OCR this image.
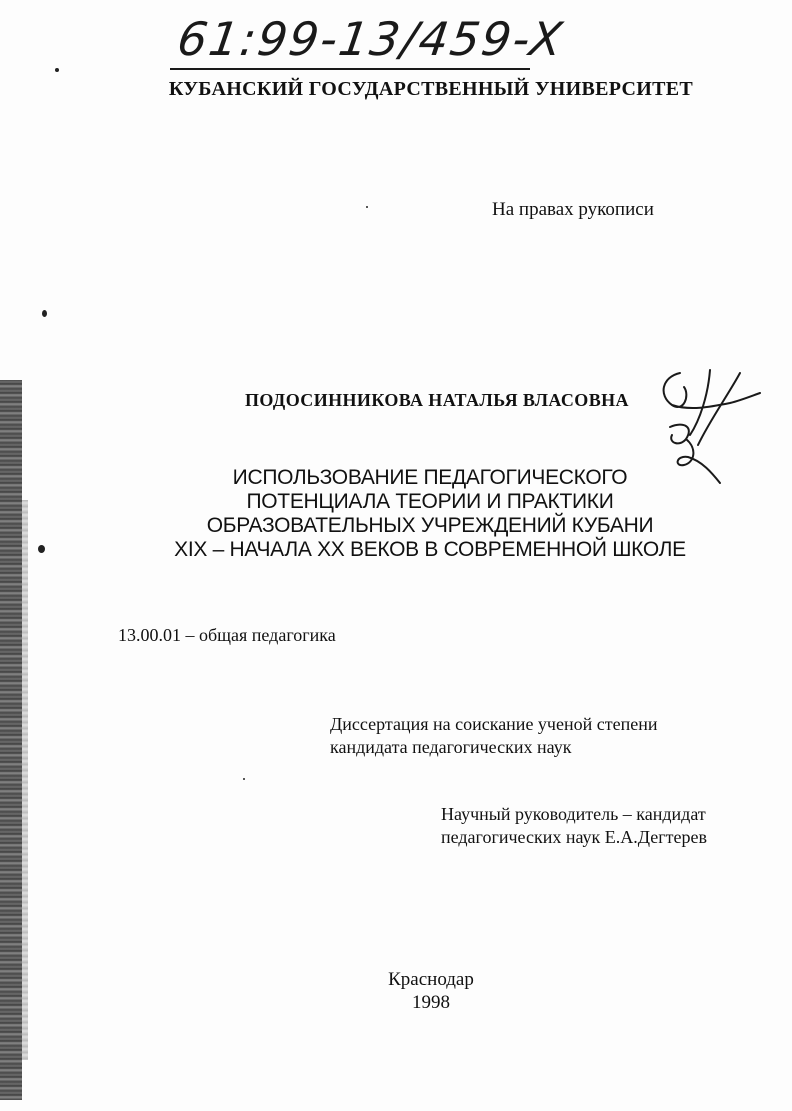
61:99-13/459-X
КУБАНСКИЙ ГОСУДАРСТВЕННЫЙ УНИВЕРСИТЕТ
На правах рукописи
ПОДОСИННИКОВА НАТАЛЬЯ ВЛАСОВНА
ИСПОЛЬЗОВАНИЕ ПЕДАГОГИЧЕСКОГО
ПОТЕНЦИАЛА ТЕОРИИ И ПРАКТИКИ
ОБРАЗОВАТЕЛЬНЫХ УЧРЕЖДЕНИЙ КУБАНИ
XIX – НАЧАЛА XX ВЕКОВ В СОВРЕМЕННОЙ ШКОЛЕ
13.00.01 – общая педагогика
Диссертация на соискание ученой степени
кандидата педагогических наук
Научный руководитель – кандидат
педагогических наук Е.А.Дегтерев
Краснодар
1998
